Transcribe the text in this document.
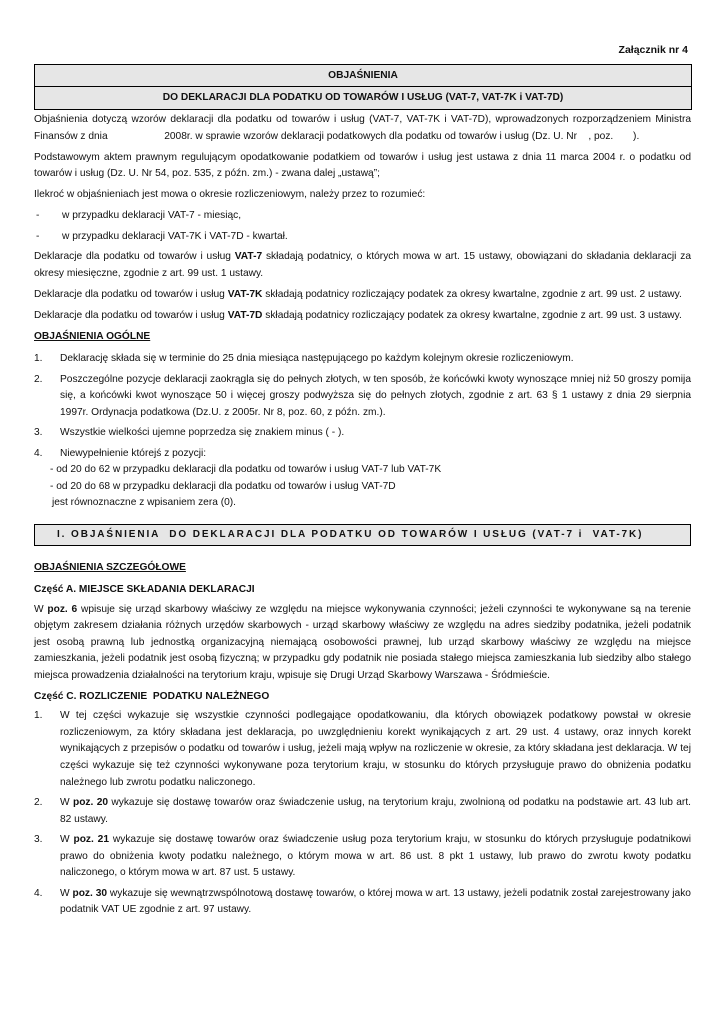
Załącznik nr 4
OBJAŚNIENIA
DO DEKLARACJI DLA PODATKU OD TOWARÓW I USŁUG (VAT-7, VAT-7K i VAT-7D)

Objaśnienia dotyczą wzorów deklaracji dla podatku od towarów i usług (VAT-7, VAT-7K i VAT-7D), wprowadzonych rozporządzeniem Ministra Finansów z dnia                    2008r. w sprawie wzorów deklaracji podatkowych dla podatku od towarów i usług (Dz. U. Nr    , poz.       ).

Podstawowym aktem prawnym regulującym opodatkowanie podatkiem od towarów i usług jest ustawa z dnia 11 marca 2004 r. o podatku od towarów i usług (Dz. U. Nr 54, poz. 535, z późn. zm.) - zwana dalej „ustawą”;

Ilekroć w objaśnieniach jest mowa o okresie rozliczeniowym, należy przez to rozumieć:

-	w przypadku deklaracji VAT-7 - miesiąc,
-	w przypadku deklaracji VAT-7K i VAT-7D - kwartał.

Deklaracje dla podatku od towarów i usług VAT-7 składają podatnicy, o których mowa w art. 15 ustawy, obowiązani do składania deklaracji za okresy miesięczne, zgodnie z art. 99 ust. 1 ustawy.

Deklaracje dla podatku od towarów i usług VAT-7K składają podatnicy rozliczający podatek za okresy kwartalne, zgodnie z art. 99 ust. 2 ustawy.

Deklaracje dla podatku od towarów i usług VAT-7D składają podatnicy rozliczający podatek za okresy kwartalne, zgodnie z art. 99 ust. 3 ustawy.

OBJAŚNIENIA OGÓLNE
1.	Deklarację składa się w terminie do 25 dnia miesiąca następującego po każdym kolejnym okresie rozliczeniowym.
2.	Poszczególne pozycje deklaracji zaokrągla się do pełnych złotych, w ten sposób, że końcówki kwoty wynoszące mniej niż 50 groszy pomija się, a końcówki kwot wynoszące 50 i więcej groszy podwyższa się do pełnych złotych, zgodnie z art. 63 § 1 ustawy z dnia 29 sierpnia 1997r. Ordynacja podatkowa (Dz.U. z 2005r. Nr 8, poz. 60, z późn. zm.).
3.	Wszystkie wielkości ujemne poprzedza się znakiem minus ( - ).
4.	Niewypełnienie którejś z pozycji:
- od 20 do 62 w przypadku deklaracji dla podatku od towarów i usług VAT-7 lub VAT-7K
- od 20 do 68 w przypadku deklaracji dla podatku od towarów i usług VAT-7D
jest równoznaczne z wpisaniem zera (0).
I. OBJAŚNIENIA  DO DEKLARACJI DLA PODATKU OD TOWARÓW I USŁUG (VAT-7 i  VAT-7K)
OBJAŚNIENIA SZCZEGÓŁOWE
Część A. MIEJSCE SKŁADANIA DEKLARACJI

W poz. 6 wpisuje się urząd skarbowy właściwy ze względu na miejsce wykonywania czynności; jeżeli czynności te wykonywane są na terenie objętym zakresem działania różnych urzędów skarbowych - urząd skarbowy właściwy ze względu na adres siedziby podatnika, jeżeli podatnik jest osobą prawną lub jednostką organizacyjną niemającą osobowości prawnej, lub urząd skarbowy właściwy ze względu na miejsce zamieszkania, jeżeli podatnik jest osobą fizyczną; w przypadku gdy podatnik nie posiada stałego miejsca zamieszkania lub siedziby albo stałego miejsca prowadzenia działalności na terytorium kraju, wpisuje się Drugi Urząd Skarbowy Warszawa - Śródmieście.

Część C. ROZLICZENIE  PODATKU NALEŻNEGO
1.	W tej części wykazuje się wszystkie czynności podlegające opodatkowaniu, dla których obowiązek podatkowy powstał w okresie rozliczeniowym, za który składana jest deklaracja, po uwzględnieniu korekt wynikających z art. 29 ust. 4 ustawy, oraz innych korekt wynikających z przepisów o podatku od towarów i usług, jeżeli mają wpływ na rozliczenie w okresie, za który składana jest deklaracja. W tej części wykazuje się też czynności wykonywane poza terytorium kraju, w stosunku do których przysługuje prawo do obniżenia podatku należnego lub zwrotu podatku naliczonego.
2.	W poz. 20 wykazuje się dostawę towarów oraz świadczenie usług, na terytorium kraju, zwolnioną od podatku na podstawie art. 43 lub art. 82 ustawy.
3.	W poz. 21 wykazuje się dostawę towarów oraz świadczenie usług poza terytorium kraju, w stosunku do których przysługuje podatnikowi prawo do obniżenia kwoty podatku należnego, o którym mowa w art. 86 ust. 8 pkt 1 ustawy, lub prawo do zwrotu kwoty podatku naliczonego, o którym mowa w art. 87 ust. 5 ustawy.
4.	W poz. 30 wykazuje się wewnątrzwspólnotową dostawę towarów, o której mowa w art. 13 ustawy, jeżeli podatnik został zarejestrowany jako podatnik VAT UE zgodnie z art. 97 ustawy.
